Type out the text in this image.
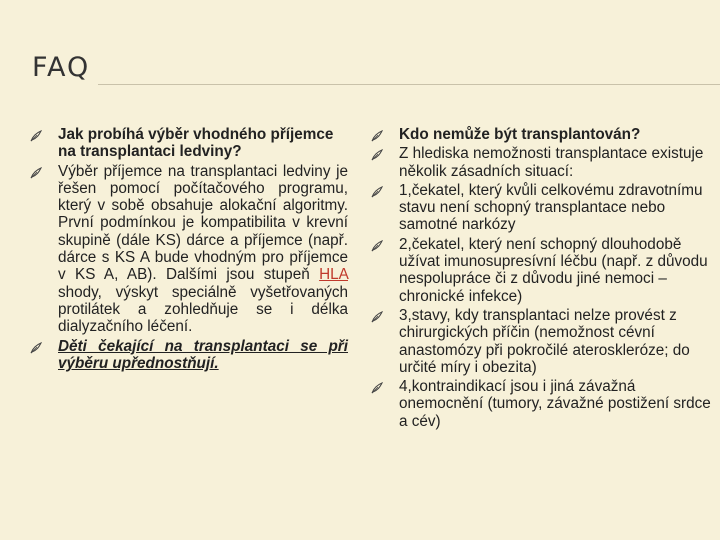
FAQ
Jak probíhá výběr vhodného příjemce na transplantaci ledviny?
Výběr příjemce na transplantaci ledviny je řešen pomocí počítačového programu, který v sobě obsahuje alokační algoritmy. První podmínkou je kompatibilita v krevní skupině (dále KS) dárce a příjemce (např. dárce s KS A bude vhodným pro příjemce v KS A, AB). Dalšími jsou stupeň HLA shody, výskyt speciálně vyšetřovaných protilátek a zohledňuje se i délka dialyzačního léčení.
Děti čekající na transplantaci se při výběru upřednostňují.
Kdo nemůže být transplantován?
Z hlediska nemožnosti transplantace existuje několik zásadních situací:
1,čekatel, který kvůli celkovému zdravotnímu stavu není schopný transplantace nebo samotné narkózy
2,čekatel, který není schopný dlouhodobě užívat imunosupresívní léčbu (např. z důvodu nespolupráce či z důvodu jiné nemoci – chronické infekce)
3,stavy, kdy transplantaci nelze provést z chirurgických příčin (nemožnost cévní anastomózy při pokročilé ateroskleróze; do určité míry i obezita)
4,kontraindikací jsou i jiná závažná onemocnění (tumory, závažné postižení srdce a cév)
